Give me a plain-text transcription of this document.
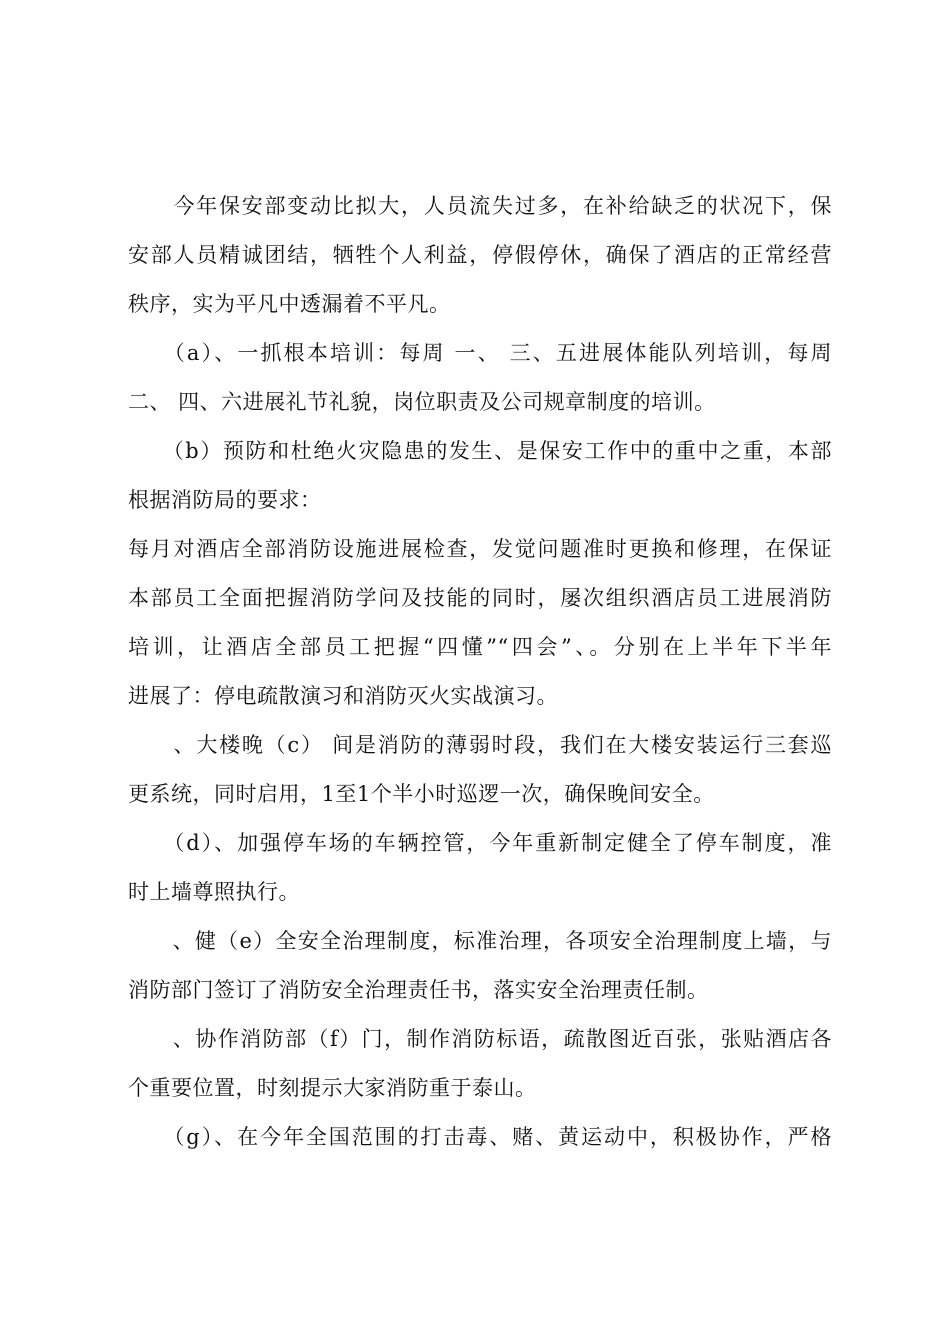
　　今年保安部变动比拟大，人员流失过多，在补给缺乏的状况下，保
安部人员精诚团结，牺牲个人利益，停假停休，确保了酒店的正常经营
秩序，实为平凡中透漏着不平凡。
　　（a）、一抓根本培训：每周 一、 三、五进展体能队列培训，每周
二、 四、六进展礼节礼貌，岗位职责及公司规章制度的培训。
　　（b）预防和杜绝火灾隐患的发生、是保安工作中的重中之重，本部
根据消防局的要求：
每月对酒店全部消防设施进展检查，发觉问题准时更换和修理，在保证
本部员工全面把握消防学问及技能的同时，屡次组织酒店员工进展消防
培训，让酒店全部员工把握“四懂”“四会”、。分别在上半年下半年
进展了：停电疏散演习和消防灭火实战演习。
　　、大楼晚（c） 间是消防的薄弱时段，我们在大楼安装运行三套巡
更系统，同时启用，1至1个半小时巡逻一次，确保晚间安全。
　　（d）、加强停车场的车辆控管，今年重新制定健全了停车制度，准
时上墙尊照执行。
　　、健（e）全安全治理制度，标准治理，各项安全治理制度上墙，与
消防部门签订了消防安全治理责任书，落实安全治理责任制。
　　、协作消防部（f）门，制作消防标语，疏散图近百张，张贴酒店各
个重要位置，时刻提示大家消防重于泰山。
　　（g）、在今年全国范围的打击毒、赌、黄运动中，积极协作，严格
